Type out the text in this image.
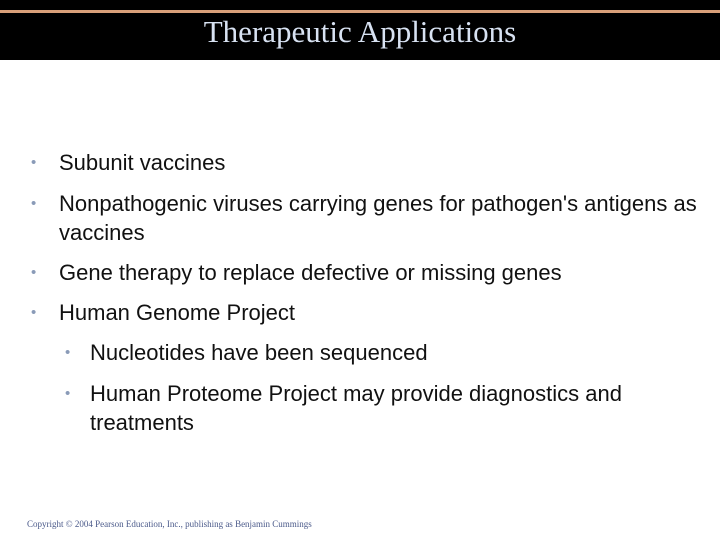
Therapeutic Applications
• Subunit vaccines
• Nonpathogenic viruses carrying genes for pathogen's antigens as vaccines
• Gene therapy to replace defective or missing genes
• Human Genome Project
• Nucleotides have been sequenced
• Human Proteome Project may provide diagnostics and treatments
Copyright © 2004 Pearson Education, Inc., publishing as Benjamin Cummings
